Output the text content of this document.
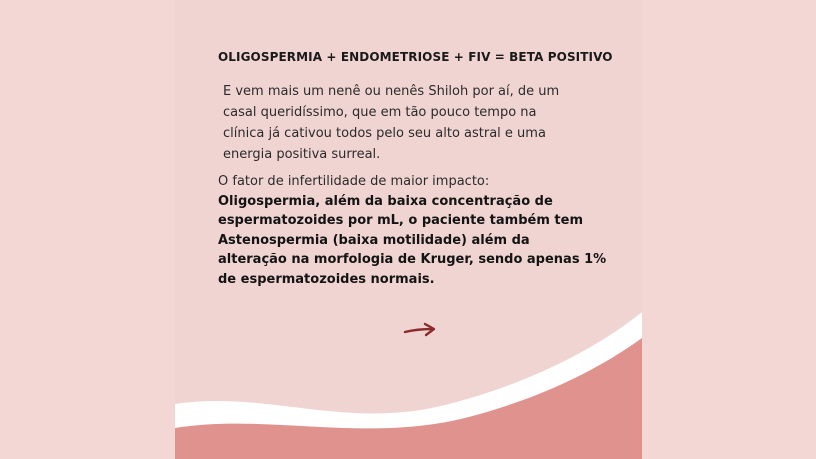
OLIGOSPERMIA + ENDOMETRIOSE + FIV = BETA POSITIVO
E vem mais um nenê ou nenês Shiloh por aí, de um
casal queridíssimo, que em tão pouco tempo na
clínica já cativou todos pelo seu alto astral e uma
energia positiva surreal.
O fator de infertilidade de maior impacto:
Oligospermia, além da baixa concentração de
espermatozoides por mL, o paciente também tem
Astenospermia (baixa motilidade) além da
alteração na morfologia de Kruger, sendo apenas 1%
de espermatozoides normais.
